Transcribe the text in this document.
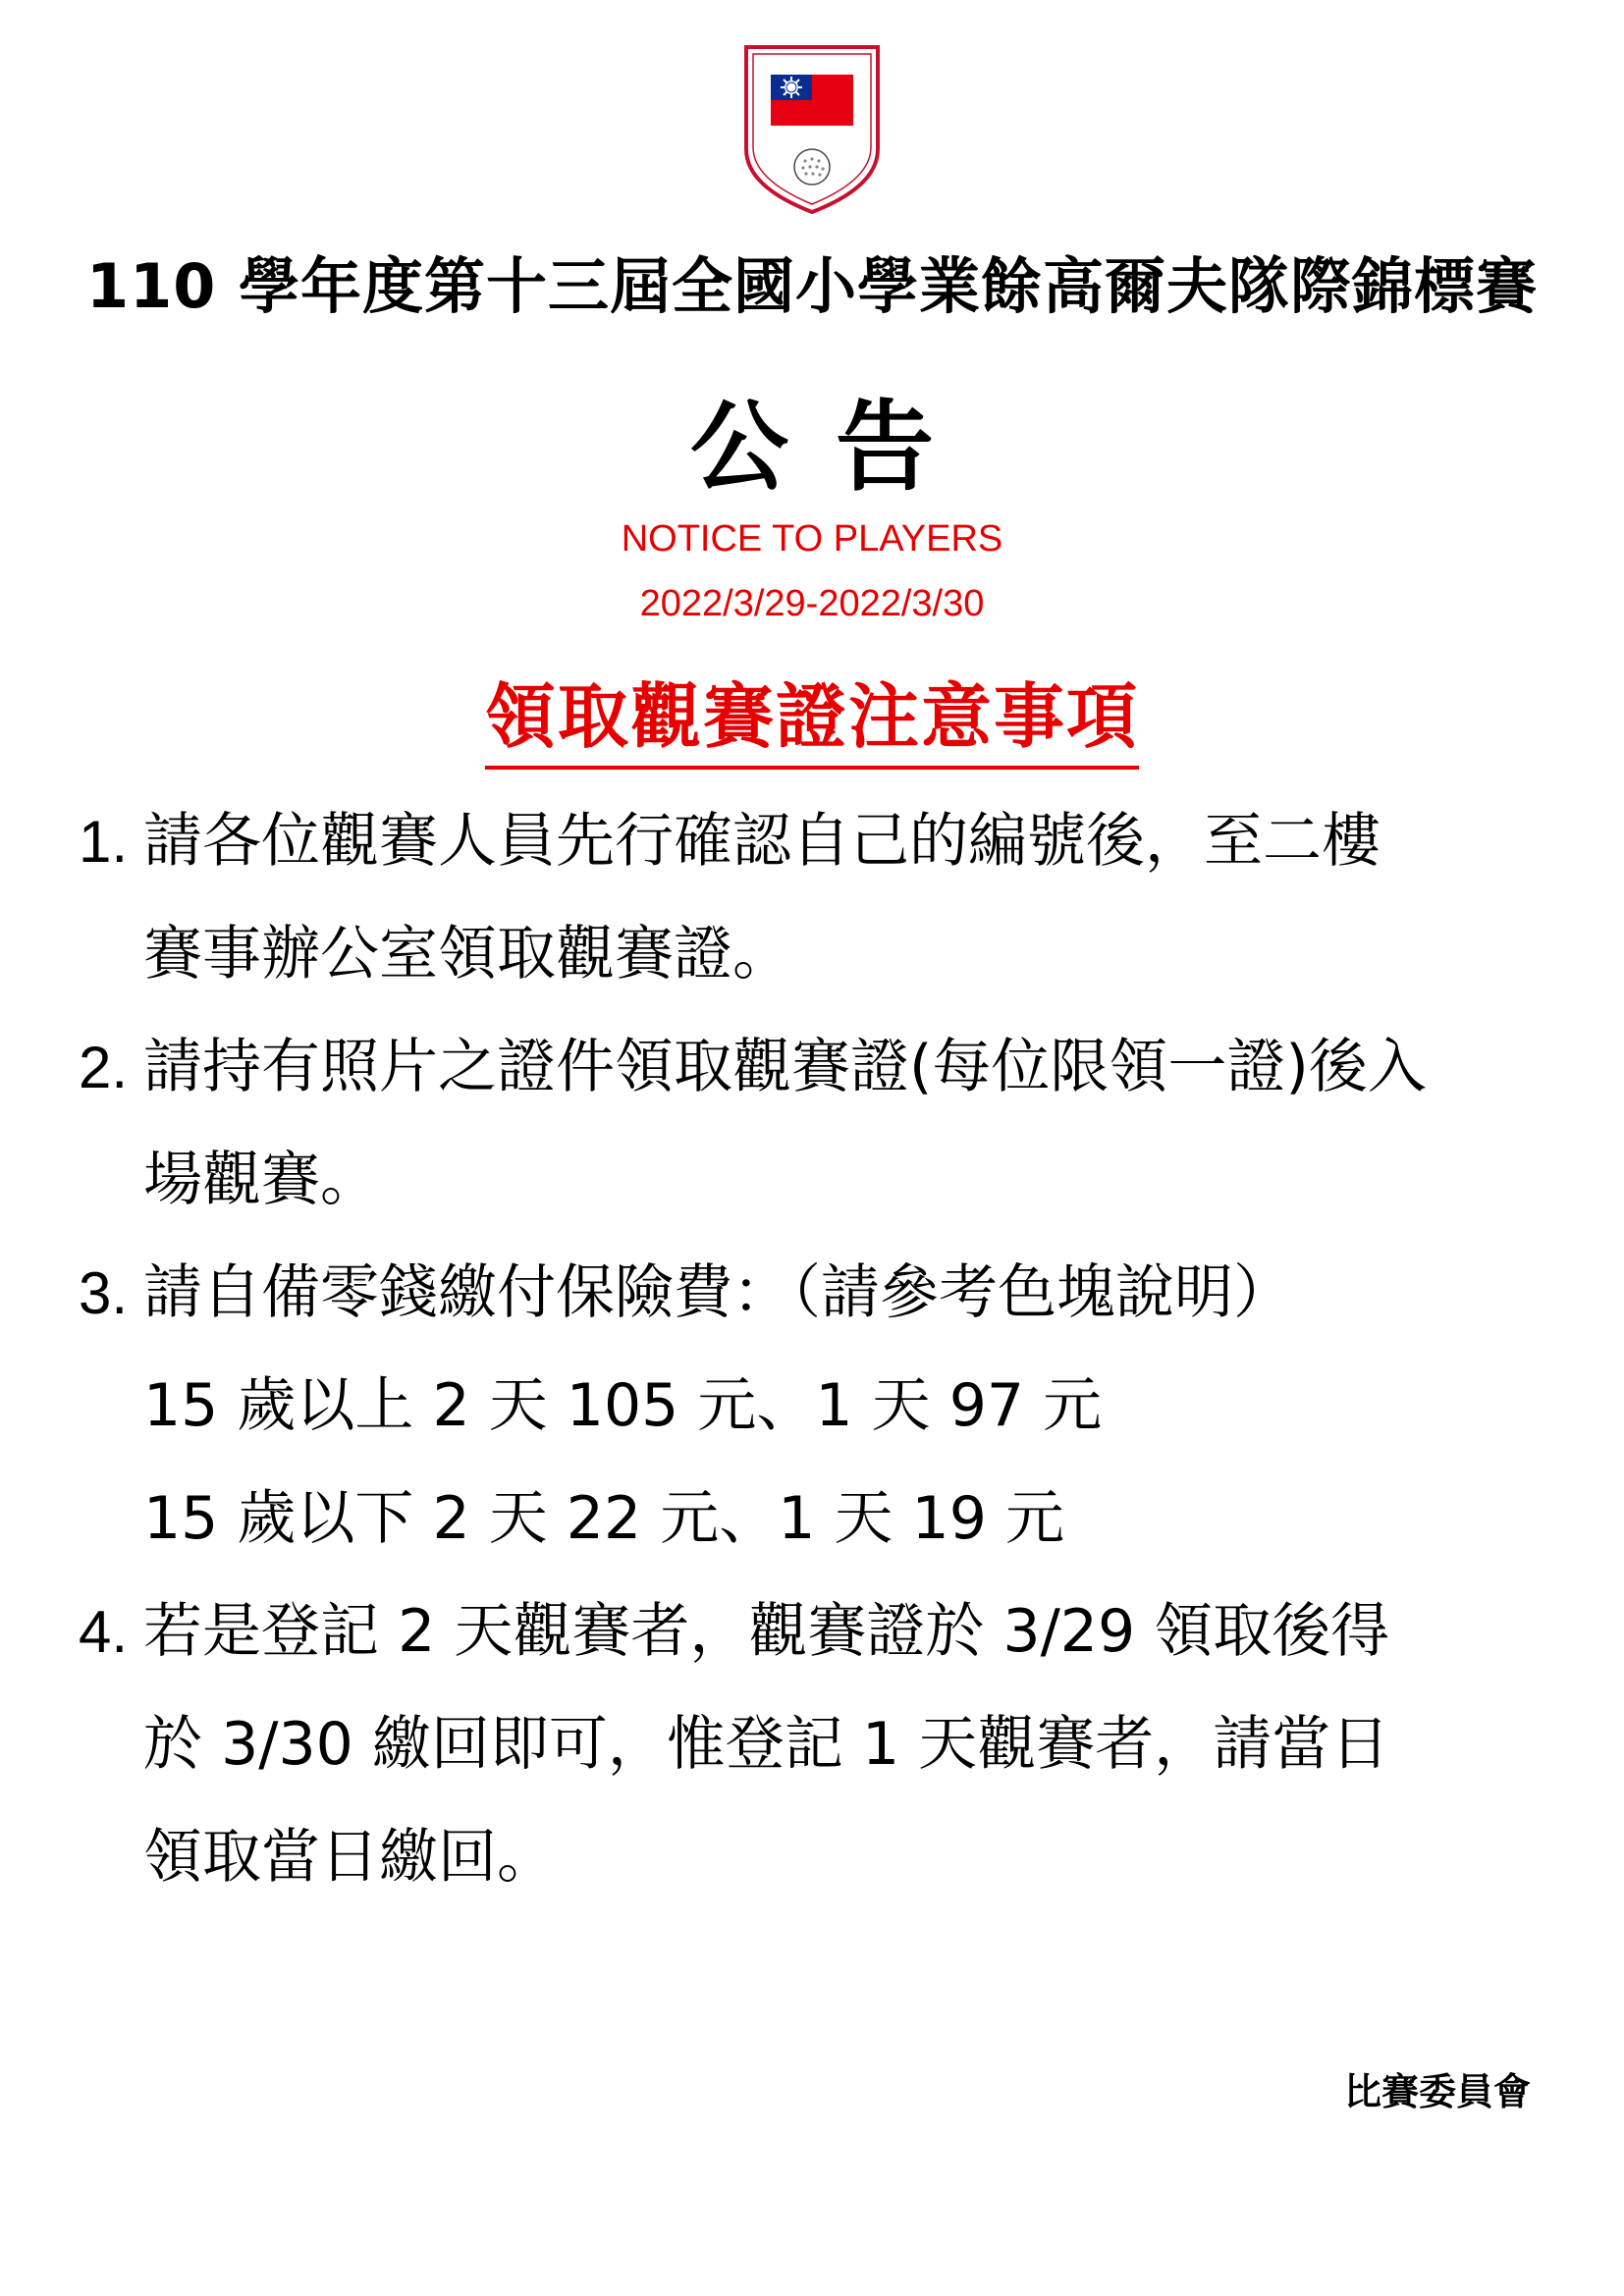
110 學年度第十三屆全國小學業餘高爾夫隊際錦標賽
公告
NOTICE TO PLAYERS
2022/3/29-2022/3/30
領取觀賽證注意事項
1. 請各位觀賽人員先行確認自己的編號後，至二樓
賽事辦公室領取觀賽證。
2. 請持有照片之證件領取觀賽證(每位限領一證)後入
場觀賽。
3. 請自備零錢繳付保險費：（請參考色塊說明）
15 歲以上 2 天 105 元、1 天 97 元
15 歲以下 2 天 22 元、1 天 19 元
4. 若是登記 2 天觀賽者，觀賽證於 3/29 領取後得
於 3/30 繳回即可，惟登記 1 天觀賽者，請當日
領取當日繳回。
比賽委員會
